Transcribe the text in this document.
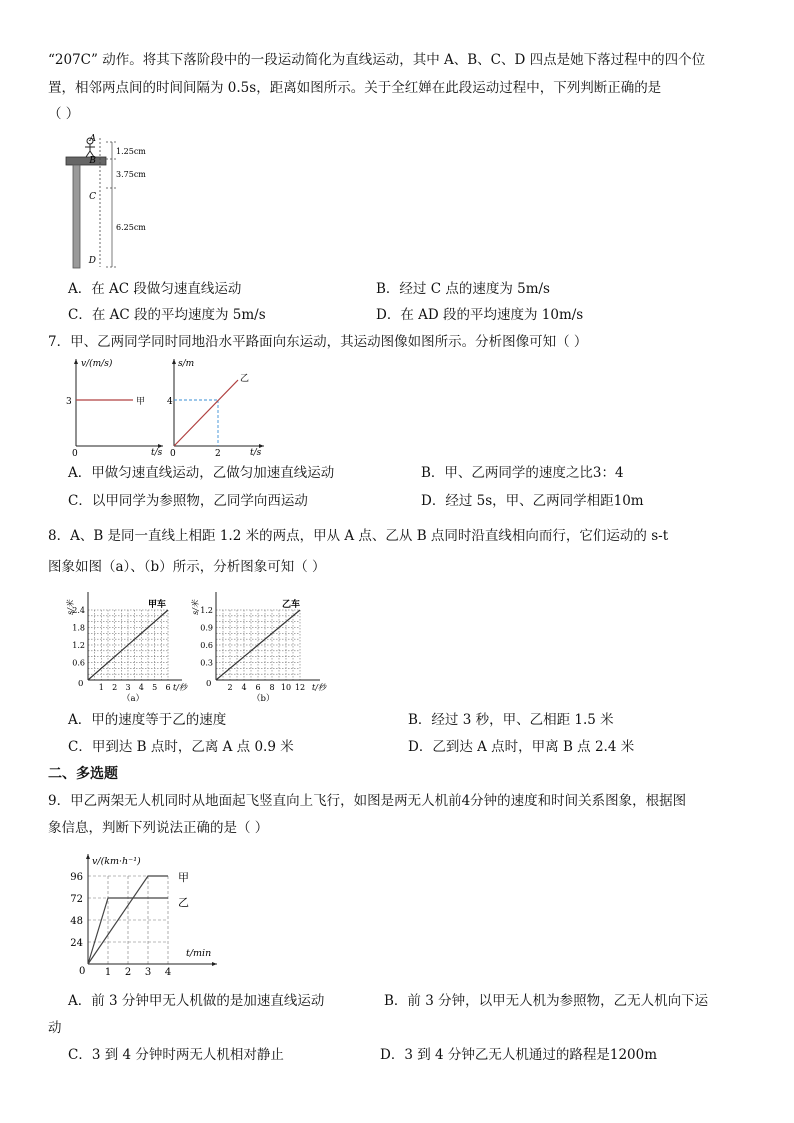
“207C” 动作。将其下落阶段中的一段运动简化为直线运动，其中 A、B、C、D 四点是她下落过程中的四个位
置，相邻两点间的时间间隔为 0.5s，距离如图所示。关于全红婵在此段运动过程中，下列判断正确的是
（ ）
A
B
C
D
1.25cm
3.75cm
6.25cm
A．在 AC 段做匀速直线运动	B．经过 C 点的速度为 5m/s
C．在 AC 段的平均速度为 5m/s	D．在 AD 段的平均速度为 10m/s
7．甲、乙两同学同时同地沿水平路面向东运动，其运动图像如图所示。分析图像可知（ ）
v/(m/s)
t/s
0
3	甲
s/m
t/s
0
4
2
乙
A．甲做匀速直线运动，乙做匀加速直线运动	B．甲、乙两同学的速度之比3：4
C．以甲同学为参照物，乙同学向西运动	D．经过 5s，甲、乙两同学相距10m
8．A、B 是同一直线上相距 1.2 米的两点，甲从 A 点、乙从 B 点同时沿直线相向而行，它们运动的 s-t
图象如图（a）、（b）所示，分析图象可知（ ）
s/米	甲车
0.6
1.2
1.8
2.4
1 2 3 4 5 6
0	t/秒
（a）
s/米	乙车
0.3
0.6
0.9
1.2
2 4 6 8 10 12
0	t/秒
（b）
A．甲的速度等于乙的速度	B．经过 3 秒，甲、乙相距 1.5 米
C．甲到达 B 点时，乙离 A 点 0.9 米	D．乙到达 A 点时，甲离 B 点 2.4 米
二、多选题
9．甲乙两架无人机同时从地面起飞竖直向上飞行，如图是两无人机前4分钟的速度和时间关系图象，根据图
象信息，判断下列说法正确的是（ ）
v/(km·h⁻¹)
t/min
0
24
48
72
96
1 2 3 4
甲
乙
A．前 3 分钟甲无人机做的是加速直线运动	B．前 3 分钟，以甲无人机为参照物，乙无人机向下运
动
C．3 到 4 分钟时两无人机相对静止	D．3 到 4 分钟乙无人机通过的路程是1200m
